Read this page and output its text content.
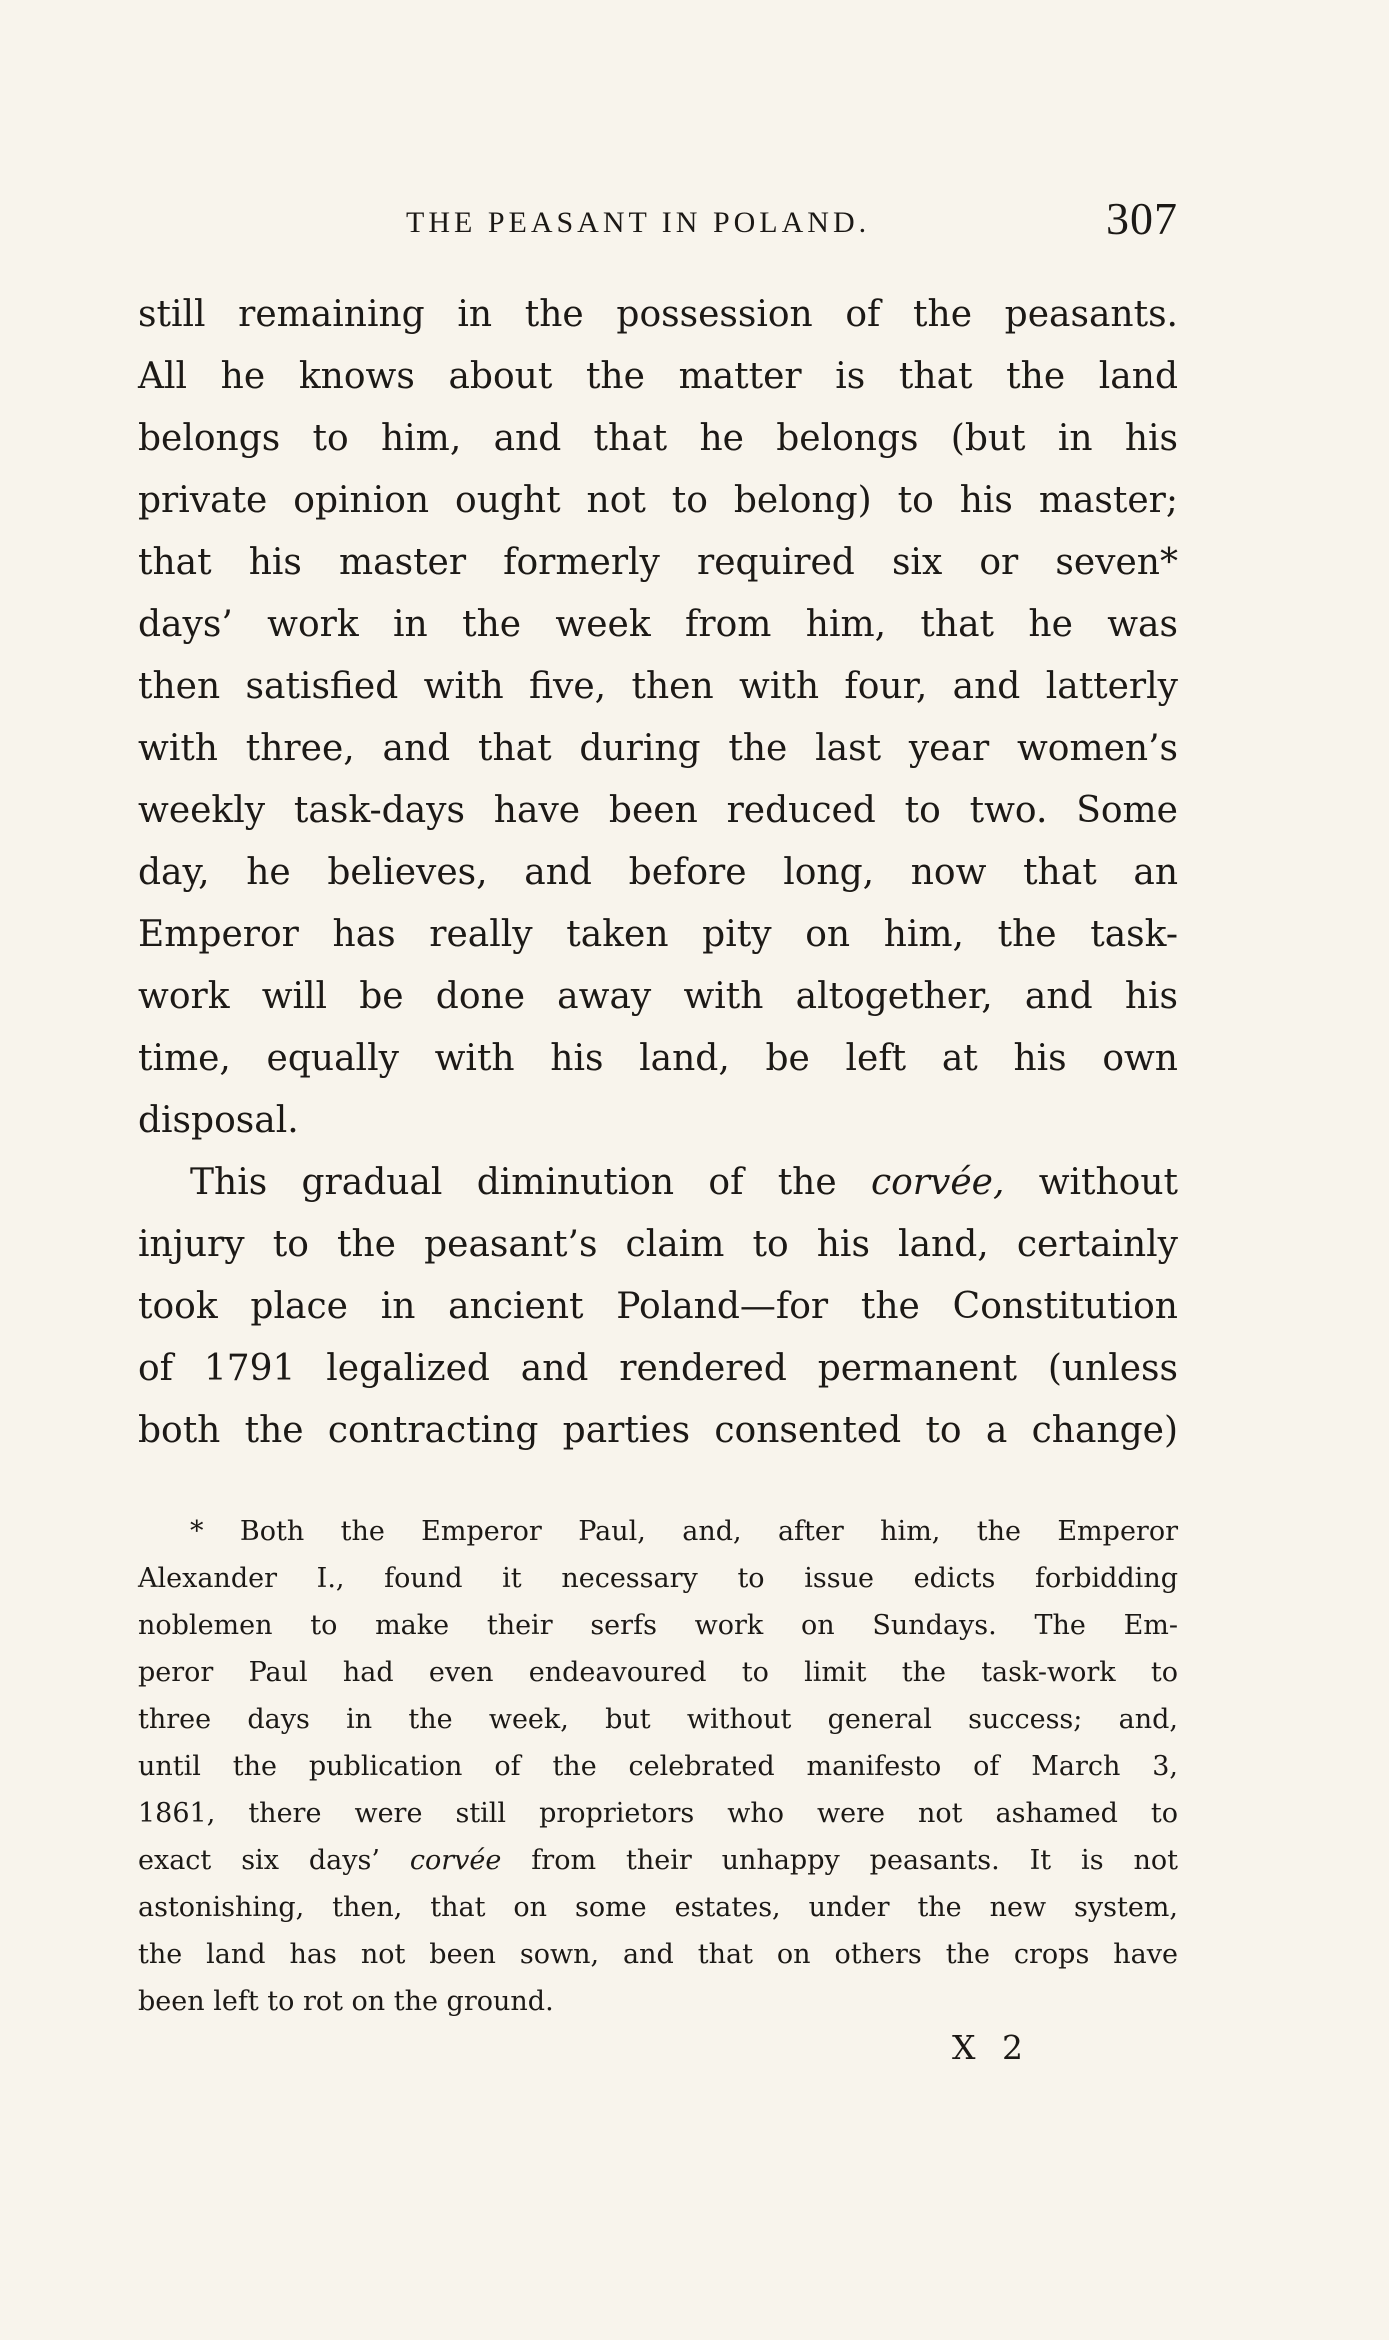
THE PEASANT IN POLAND.	307
still remaining in the possession of the peasants.
All he knows about the matter is that the land
belongs to him, and that he belongs (but in his
private opinion ought not to belong) to his master;
that his master formerly required six or seven*
days’ work in the week from him, that he was
then satisfied with five, then with four, and latterly
with three, and that during the last year women’s
weekly task-days have been reduced to two. Some
day, he believes, and before long, now that an
Emperor has really taken pity on him, the task-
work will be done away with altogether, and his
time, equally with his land, be left at his own
disposal.
This gradual diminution of the corvée, without
injury to the peasant’s claim to his land, certainly
took place in ancient Poland—for the Constitution
of 1791 legalized and rendered permanent (unless
both the contracting parties consented to a change)
* Both the Emperor Paul, and, after him, the Emperor
Alexander I., found it necessary to issue edicts forbidding
noblemen to make their serfs work on Sundays. The Em-
peror Paul had even endeavoured to limit the task-work to
three days in the week, but without general success; and,
until the publication of the celebrated manifesto of March 3,
1861, there were still proprietors who were not ashamed to
exact six days’ corvée from their unhappy peasants. It is not
astonishing, then, that on some estates, under the new system,
the land has not been sown, and that on others the crops have
been left to rot on the ground.
X 2
